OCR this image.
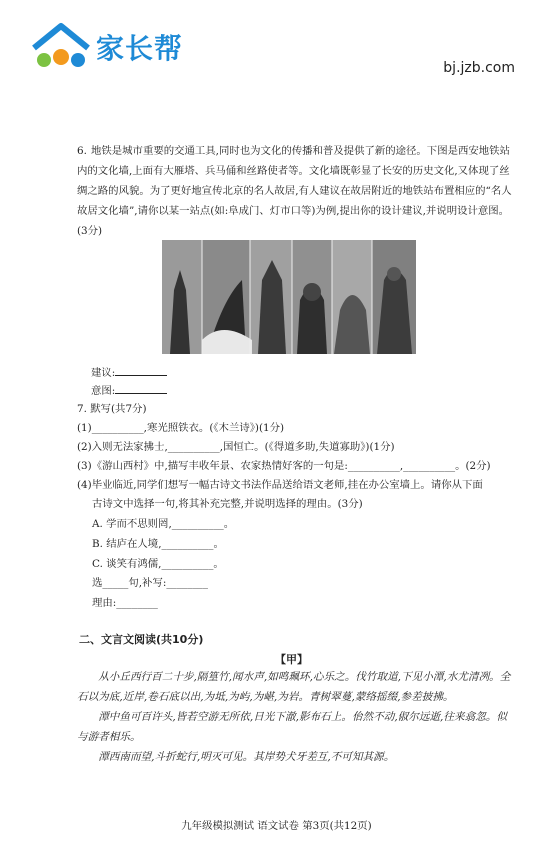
家长帮
bj.jzb.com
6. 地铁是城市重要的交通工具,同时也为文化的传播和普及提供了新的途径。下图是西安地铁站内的文化墙,上面有大雁塔、兵马俑和丝路使者等。文化墙既彰显了长安的历史文化,又体现了丝绸之路的风貌。为了更好地宣传北京的名人故居,有人建议在故居附近的地铁站布置相应的“名人故居文化墙”,请你以某一站点(如:阜成门、灯市口等)为例,提出你的设计建议,并说明设计意图。(3分)

建议:
意图:
7. 默写(共7分)
(1)__________,寒光照铁衣。(《木兰诗》)(1分)
(2)入则无法家拂士,__________,国恒亡。(《得道多助,失道寡助》)(1分)
(3)《游山西村》中,描写丰收年景、农家热情好客的一句是:__________,__________。(2分)
(4)毕业临近,同学们想写一幅古诗文书法作品送给语文老师,挂在办公室墙上。请你从下面
古诗文中选择一句,将其补充完整,并说明选择的理由。(3分)
A. 学而不思则罔,__________。
B. 结庐在人境,__________。
C. 谈笑有鸿儒,__________。
选_____句,补写:________
理由:________
二、文言文阅读(共10分)
【甲】

从小丘西行百二十步,隔篁竹,闻水声,如鸣珮环,心乐之。伐竹取道,下见小潭,水尤清冽。全石以为底,近岸,卷石底以出,为坻,为屿,为嵁,为岩。青树翠蔓,蒙络摇缀,参差披拂。

潭中鱼可百许头,皆若空游无所依,日光下澈,影布石上。佁然不动,俶尔远逝,往来翕忽。似与游者相乐。

潭西南而望,斗折蛇行,明灭可见。其岸势犬牙差互,不可知其源。

九年级模拟测试 语文试卷 第3页(共12页)
